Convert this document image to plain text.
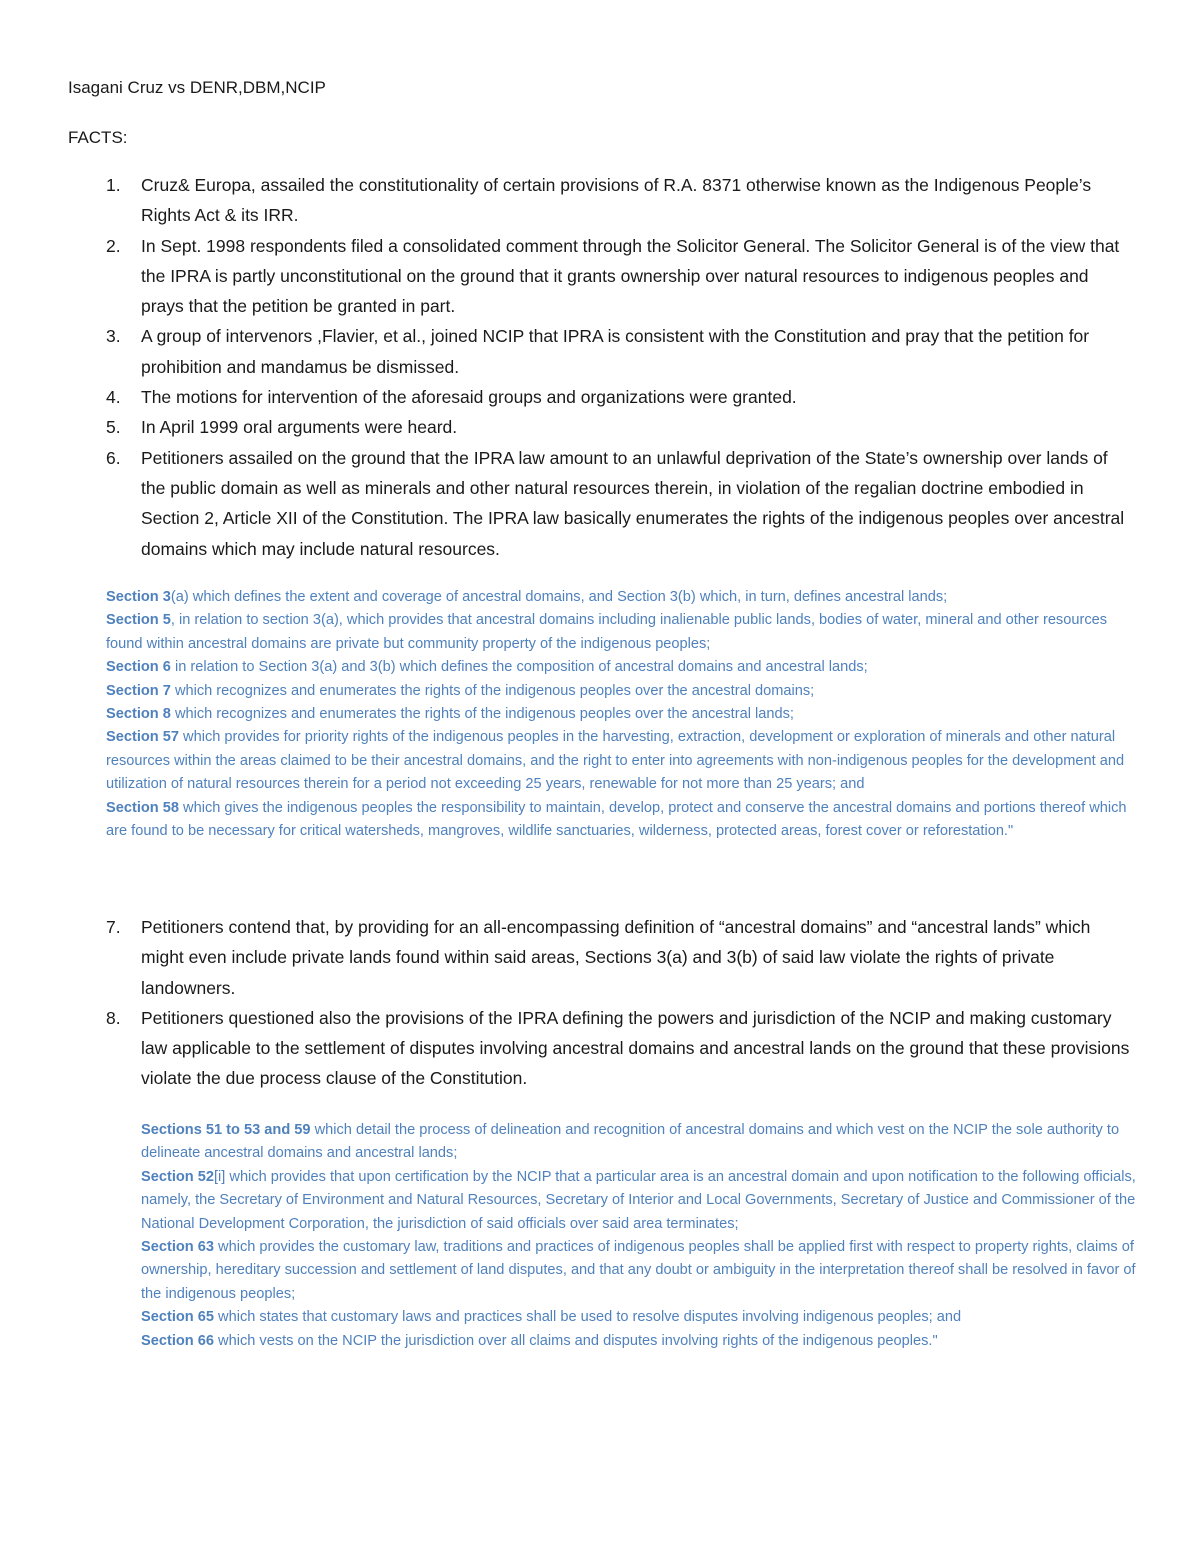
Isagani Cruz vs DENR,DBM,NCIP
FACTS:
1. Cruz& Europa, assailed the constitutionality of certain provisions of R.A. 8371 otherwise known as the Indigenous People’s Rights Act & its IRR.
2. In Sept. 1998 respondents filed a consolidated comment through the Solicitor General. The Solicitor General is of the view that the IPRA is partly unconstitutional on the ground that it grants ownership over natural resources to indigenous peoples and prays that the petition be granted in part.
3. A group of intervenors ,Flavier, et al., joined NCIP that IPRA is consistent with the Constitution and pray that the petition for prohibition and mandamus be dismissed.
4. The motions for intervention of the aforesaid groups and organizations were granted.
5. In April 1999 oral arguments were heard.
6. Petitioners assailed on the ground that the IPRA law amount to an unlawful deprivation of the State’s ownership over lands of the public domain as well as minerals and other natural resources therein, in violation of the regalian doctrine embodied in Section 2, Article XII of the Constitution. The IPRA law basically enumerates the rights of the indigenous peoples over ancestral domains which may include natural resources.

Section 3(a) which defines the extent and coverage of ancestral domains, and Section 3(b) which, in turn, defines ancestral lands;

Section 5, in relation to section 3(a), which provides that ancestral domains including inalienable public lands, bodies of water, mineral and other resources found within ancestral domains are private but community property of the indigenous peoples;

Section 6 in relation to Section 3(a) and 3(b) which defines the composition of ancestral domains and ancestral lands;

Section 7 which recognizes and enumerates the rights of the indigenous peoples over the ancestral domains;

Section 8 which recognizes and enumerates the rights of the indigenous peoples over the ancestral lands;

Section 57 which provides for priority rights of the indigenous peoples in the harvesting, extraction, development or exploration of minerals and other natural resources within the areas claimed to be their ancestral domains, and the right to enter into agreements with non-indigenous peoples for the development and utilization of natural resources therein for a period not exceeding 25 years, renewable for not more than 25 years; and

Section 58 which gives the indigenous peoples the responsibility to maintain, develop, protect and conserve the ancestral domains and portions thereof which are found to be necessary for critical watersheds, mangroves, wildlife sanctuaries, wilderness, protected areas, forest cover or reforestation."

7. Petitioners contend that, by providing for an all-encompassing definition of “ancestral domains” and “ancestral lands” which might even include private lands found within said areas, Sections 3(a) and 3(b) of said law violate the rights of private landowners.
8. Petitioners questioned also the provisions of the IPRA defining the powers and jurisdiction of the NCIP and making customary law applicable to the settlement of disputes involving ancestral domains and ancestral lands on the ground that these provisions violate the due process clause of the Constitution.

Sections 51 to 53 and 59 which detail the process of delineation and recognition of ancestral domains and which vest on the NCIP the sole authority to delineate ancestral domains and ancestral lands;

Section 52[i] which provides that upon certification by the NCIP that a particular area is an ancestral domain and upon notification to the following officials, namely, the Secretary of Environment and Natural Resources, Secretary of Interior and Local Governments, Secretary of Justice and Commissioner of the National Development Corporation, the jurisdiction of said officials over said area terminates;

Section 63 which provides the customary law, traditions and practices of indigenous peoples shall be applied first with respect to property rights, claims of ownership, hereditary succession and settlement of land disputes, and that any doubt or ambiguity in the interpretation thereof shall be resolved in favor of the indigenous peoples;

Section 65 which states that customary laws and practices shall be used to resolve disputes involving indigenous peoples; and

Section 66 which vests on the NCIP the jurisdiction over all claims and disputes involving rights of the indigenous peoples."
